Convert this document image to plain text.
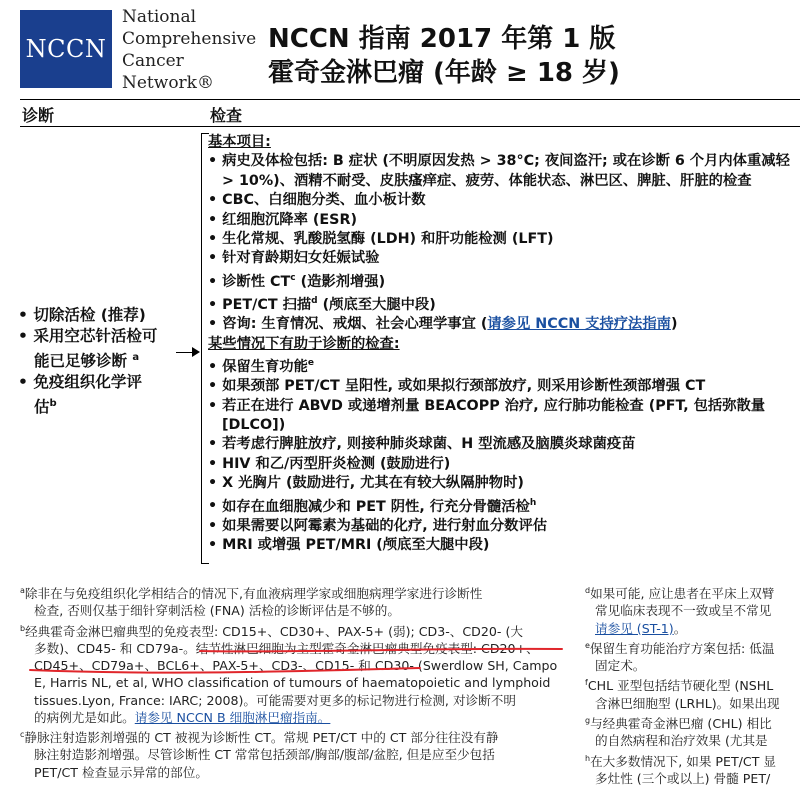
NCCN
National
Comprehensive
Cancer
Network®
NCCN 指南 2017 年第 1 版
霍奇金淋巴瘤 (年龄 ≥ 18 岁)
诊断	检查
• 切除活检 (推荐)
• 采用空芯针活检可
能已足够诊断 $^a$
• 免疫组织化学评
估$^b$
基本项目:
• 病史及体检包括: B 症状 (不明原因发热 > 38°C; 夜间盗汗; 或在诊断 6 个月内体重减轻
> 10%)、酒精不耐受、皮肤瘙痒症、疲劳、体能状态、淋巴区、脾脏、肝脏的检查
• CBC、白细胞分类、血小板计数
• 红细胞沉降率 (ESR)
• 生化常规、乳酸脱氢酶 (LDH) 和肝功能检测 (LFT)
• 针对育龄期妇女妊娠试验
• 诊断性 $CT^c$ (造影剂增强)
• PET/CT 扫描$^d$ (颅底至大腿中段)
• 咨询: 生育情况、戒烟、社会心理学事宜 (请参见 NCCN 支持疗法指南)
某些情况下有助于诊断的检查:
• 保留生育功能$^e$
• 如果颈部 PET/CT 呈阳性, 或如果拟行颈部放疗, 则采用诊断性颈部增强 CT
• 若正在进行 ABVD 或递增剂量 BEACOPP 治疗, 应行肺功能检查 (PFT, 包括弥散量
[DLCO])
• 若考虑行脾脏放疗, 则接种肺炎球菌、H 型流感及脑膜炎球菌疫苗
• HIV 和乙/丙型肝炎检测 (鼓励进行)
• X 光胸片 (鼓励进行, 尤其在有较大纵隔肿物时)
• 如存在血细胞减少和 PET 阴性, 行充分骨髓活检$^h$
• 如果需要以阿霉素为基础的化疗, 进行射血分数评估
• MRI 或增强 PET/MRI (颅底至大腿中段)
$^a$除非在与免疫组织化学相结合的情况下,有血液病理学家或细胞病理学家进行诊断性
检查, 否则仅基于细针穿刺活检 (FNA) 活检的诊断评估是不够的。
$^b$经典霍奇金淋巴瘤典型的免疫表型: CD15+、CD30+、PAX-5+ (弱); CD3-、CD20- (大
多数)、CD45- 和 CD79a-。结节性淋巴细胞为主型霍奇金淋巴瘤典型免疫表型: CD20+、
CD45+、CD79a+、BCL6+、PAX-5+、CD3-、CD15- 和 CD30- (Swerdlow SH, Campo
E, Harris NL, et al, WHO classification of tumours of haematopoietic and lymphoid
tissues.Lyon, France: IARC; 2008)。可能需要对更多的标记物进行检测, 对诊断不明
的病例尤是如此。请参见 NCCN B 细胞淋巴瘤指南。
$^c$静脉注射造影剂增强的 CT 被视为诊断性 CT。常规 PET/CT 中的 CT 部分往往没有静
脉注射造影剂增强。尽管诊断性 CT 常常包括颈部/胸部/腹部/盆腔, 但是应至少包括
PET/CT 检查显示异常的部位。
$^d$如果可能, 应让患者在平床上双臂
常见临床表现不一致或呈不常见
请参见 (ST-1)。
$^e$保留生育功能治疗方案包括: 低温
固定术。
$^f$CHL 亚型包括结节硬化型 (NSHL
含淋巴细胞型 (LRHL)。如果出现
$^g$与经典霍奇金淋巴瘤 (CHL) 相比
的自然病程和治疗效果 (尤其是
$^h$在大多数情况下, 如果 PET/CT 显
多灶性 (三个或以上) 骨髓 PET/
